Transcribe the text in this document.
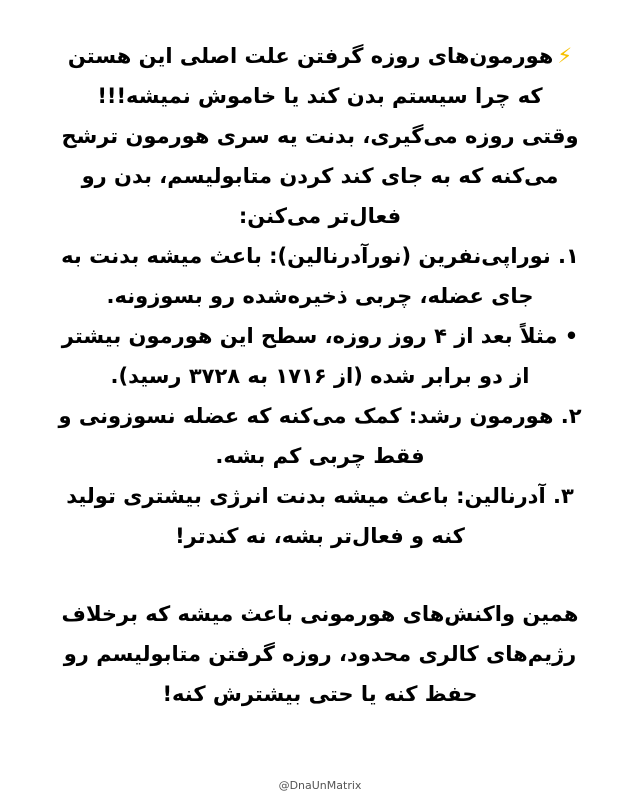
⚡هورمون‌های روزه گرفتن علت اصلی این هستن
که چرا سیستم بدن کند یا خاموش نمیشه!!!
وقتی روزه می‌گیری، بدنت یه سری هورمون ترشح
می‌کنه که به جای کند کردن متابولیسم، بدن رو
فعال‌تر می‌کنن:
۱. نوراپی‌نفرین (نورآدرنالین): باعث میشه بدنت به
جای عضله، چربی ذخیره‌شده رو بسوزونه.
• مثلاً بعد از ۴ روز روزه، سطح این هورمون بیشتر
از دو برابر شده (از ۱۷۱۶ به ۳۷۲۸ رسید).
۲. هورمون رشد: کمک می‌کنه که عضله نسوزونی و
فقط چربی کم بشه.
۳. آدرنالین: باعث میشه بدنت انرژی بیشتری تولید
کنه و فعال‌تر بشه، نه کندتر!
همین واکنش‌های هورمونی باعث میشه که برخلاف
رژیم‌های کالری محدود، روزه گرفتن متابولیسم رو
حفظ کنه یا حتی بیشترش کنه!
@DnaUnMatrix
